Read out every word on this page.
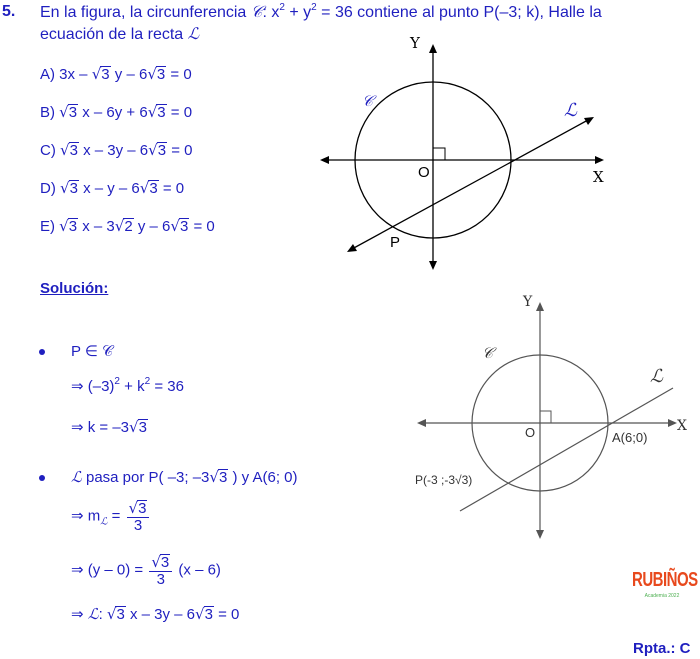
5. En la figura, la circunferencia 𝒞: $x^2 + y^2 = 36$ contiene al punto P(–3; k), Halle la
ecuación de la recta ℒ
A) 3x – √3 y – 6√3 = 0
B) √3 x – 6y + 6√3 = 0
C) √3 x – 3y – 6√3 = 0
D) √3 x – y – 6√3 = 0
E) √3 x – 3√2 y – 6√3 = 0
Y
X
O
P
𝒞	ℒ
Solución:
P ∈ 𝒞
⇒ $(-3)^2 + k^2 = 36$
⇒ k = –3√3
ℒ pasa por P( –3; –3√3 ) y A(6; 0)
⇒ $m_ℒ = \frac{√3}{3}$
⇒ $(y - 0) = \frac{√3}{3} (x - 6)$
⇒ ℒ: √3 x – 3y – 6√3 = 0
Y
X
O	A(6;0)
P(-3 ;-3√3)
𝒞
ℒ
RUBIÑOS
Academia 2022
Rpta.: C
